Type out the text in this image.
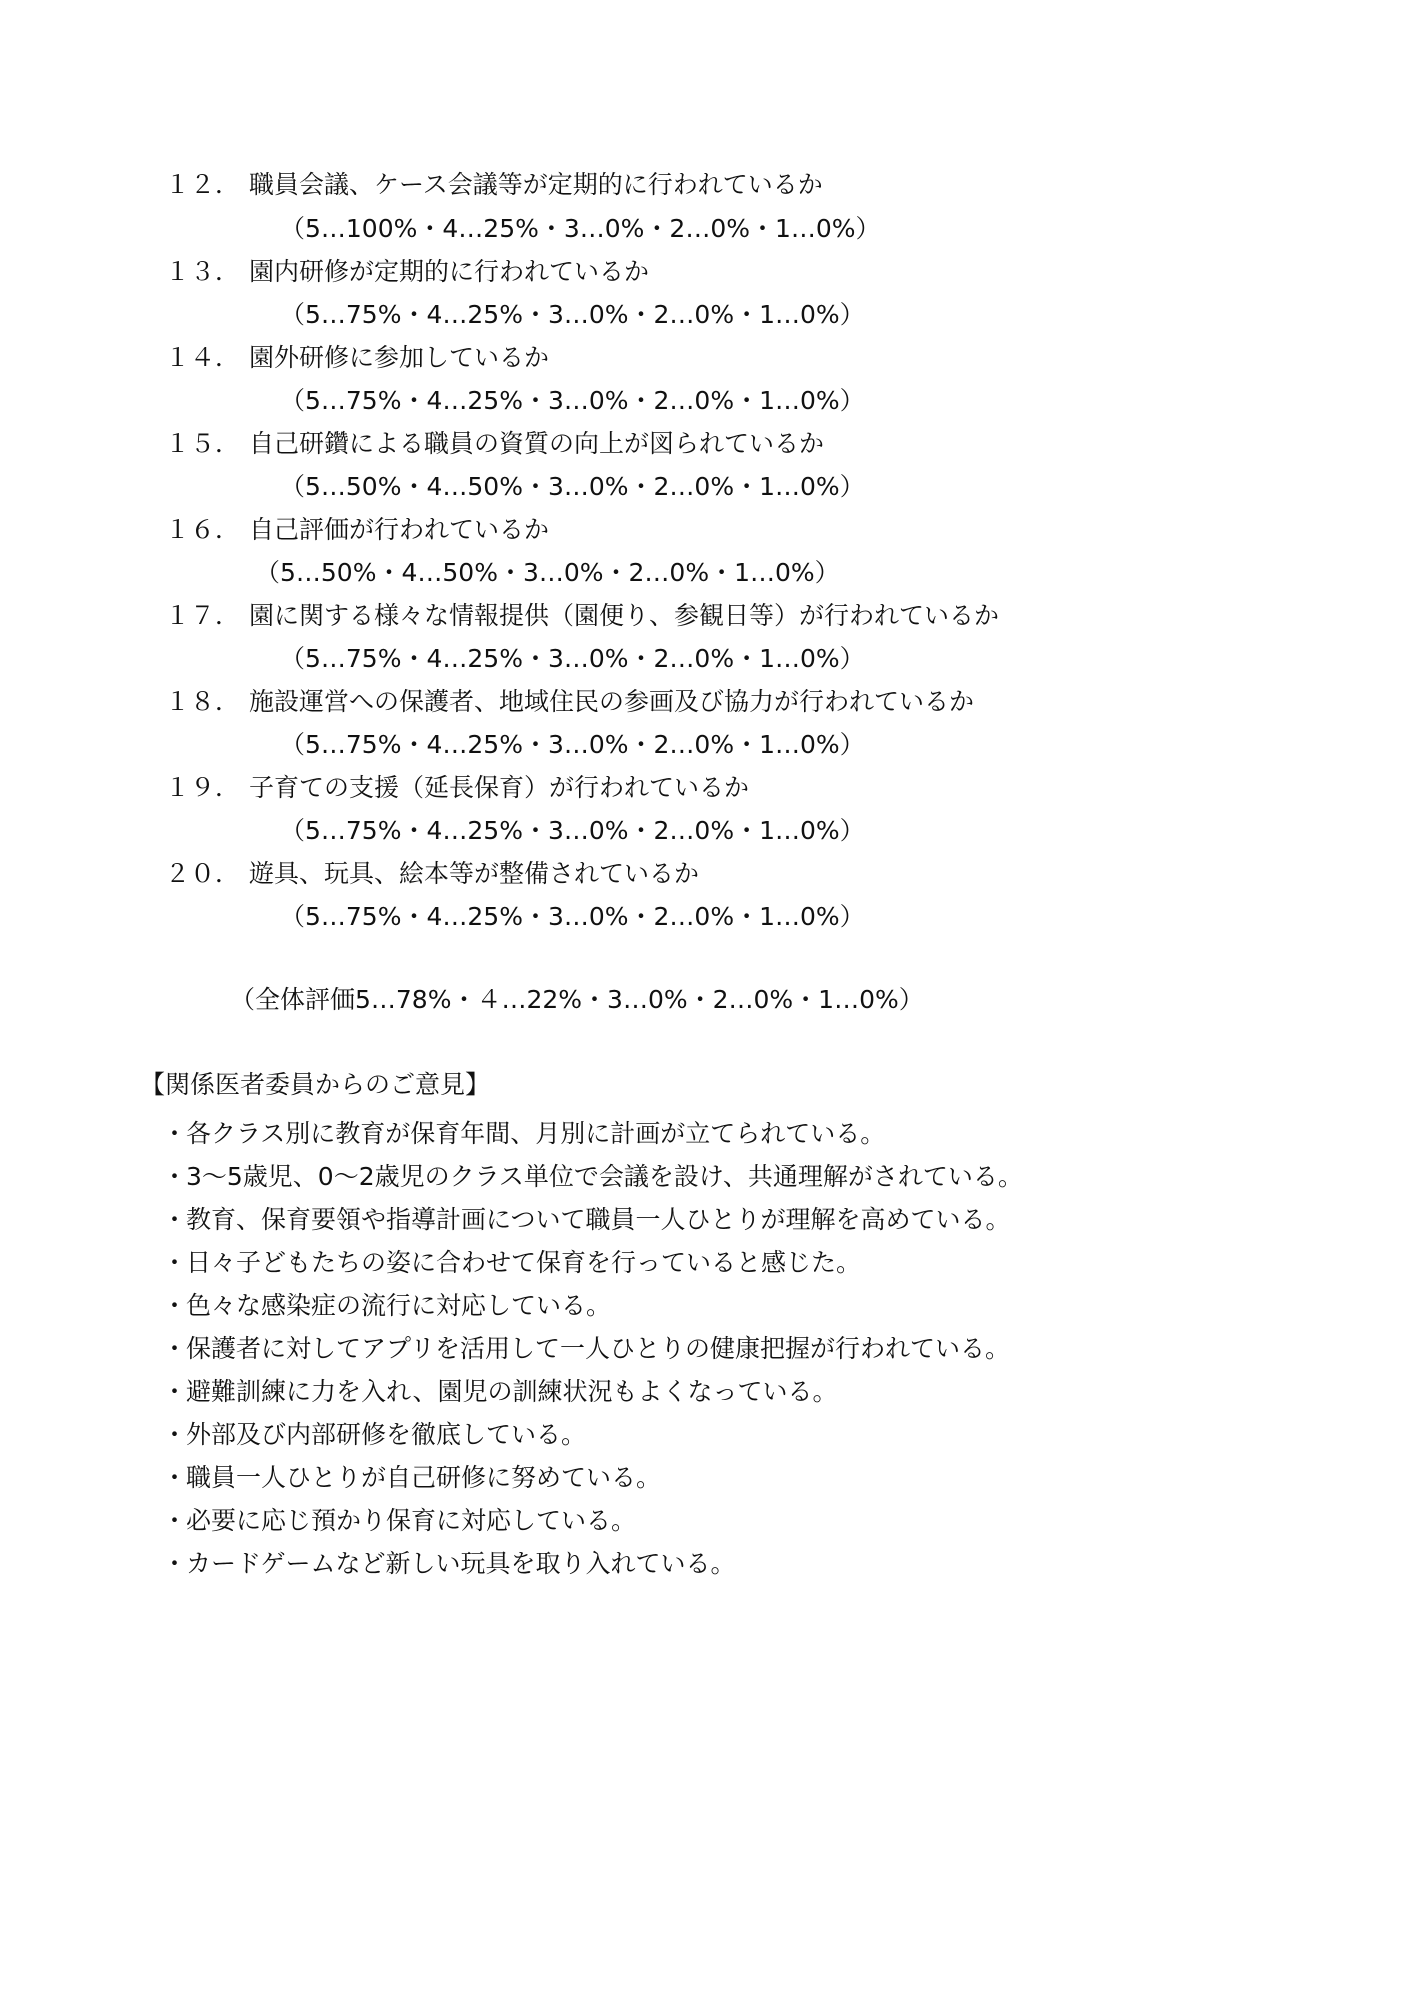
１２． 職員会議、ケース会議等が定期的に行われているか
（5…100%・4…25%・3…0%・2…0%・1…0%）
１３． 園内研修が定期的に行われているか
（5…75%・4…25%・3…0%・2…0%・1…0%）
１４． 園外研修に参加しているか
（5…75%・4…25%・3…0%・2…0%・1…0%）
１５． 自己研鑽による職員の資質の向上が図られているか
（5…50%・4…50%・3…0%・2…0%・1…0%）
１６． 自己評価が行われているか
（5…50%・4…50%・3…0%・2…0%・1…0%）
１７． 園に関する様々な情報提供（園便り、参観日等）が行われているか
（5…75%・4…25%・3…0%・2…0%・1…0%）
１８． 施設運営への保護者、地域住民の参画及び協力が行われているか
（5…75%・4…25%・3…0%・2…0%・1…0%）
１９． 子育ての支援（延長保育）が行われているか
（5…75%・4…25%・3…0%・2…0%・1…0%）
２０． 遊具、玩具、絵本等が整備されているか
（5…75%・4…25%・3…0%・2…0%・1…0%）
（全体評価5…78%・４…22%・3…0%・2…0%・1…0%）
【関係医者委員からのご意見】
・各クラス別に教育が保育年間、月別に計画が立てられている。
・3〜5歳児、0〜2歳児のクラス単位で会議を設け、共通理解がされている。
・教育、保育要領や指導計画について職員一人ひとりが理解を高めている。
・日々子どもたちの姿に合わせて保育を行っていると感じた。
・色々な感染症の流行に対応している。
・保護者に対してアプリを活用して一人ひとりの健康把握が行われている。
・避難訓練に力を入れ、園児の訓練状況もよくなっている。
・外部及び内部研修を徹底している。
・職員一人ひとりが自己研修に努めている。
・必要に応じ預かり保育に対応している。
・カードゲームなど新しい玩具を取り入れている。
